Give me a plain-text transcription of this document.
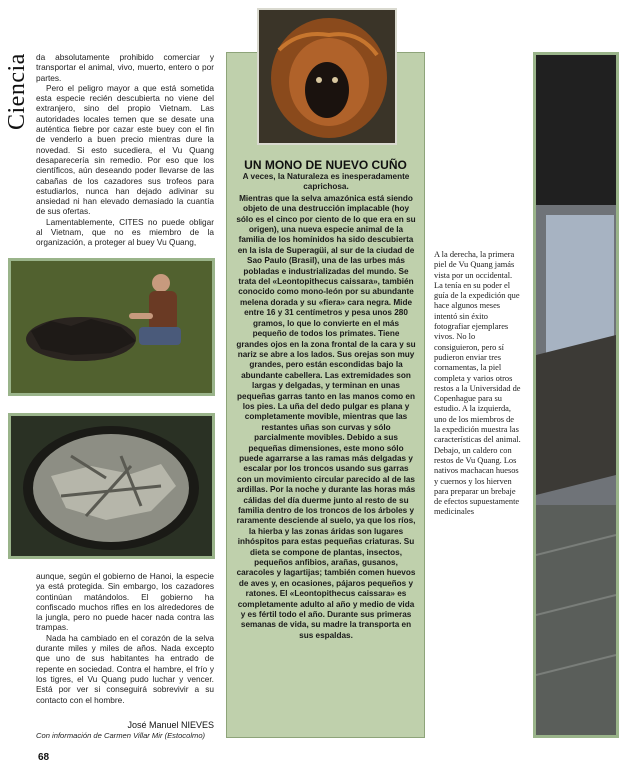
Ciencia da absolutamente prohibido comerciar y transportar el animal, vivo, muerto, entero o por partes.

Pero el peligro mayor a que está sometida esta especie recién descubierta no viene del extranjero, sino del propio Vietnam. Las autoridades locales temen que se desate una auténtica fiebre por cazar este buey con el fin de venderlo a buen precio mientras dure la novedad. Si esto sucediera, el Vu Quang desaparecería sin remedio. Por eso que los científicos, aún deseando poder llevarse de las cabañas de los cazadores sus trofeos para estudiarlos, nunca han dejado adivinar su ansiedad ni han elevado demasiado la cuantía de sus ofertas.

Lamentablemente, CITES no puede obligar al Vietnam, que no es miembro de la organización, a proteger al buey Vu Quang,

aunque, según el gobierno de Hanoi, la especie ya está protegida. Sin embargo, los cazadores continúan matándolos. El gobierno ha confiscado muchos rifles en los alrededores de la jungla, pero no puede hacer nada contra las trampas.

Nada ha cambiado en el corazón de la selva durante miles y miles de años. Nada excepto que uno de sus habitantes ha entrado de repente en sociedad. Contra el hambre, el frío y los tigres, el Vu Quang pudo luchar y vencer. Está por ver si conseguirá sobrevivir a su contacto con el hombre.

José Manuel NIEVES
Con información de Carmen Villar Mir (Estocolmo)
68
UN MONO DE NUEVO CUÑO

A veces, la Naturaleza es inesperadamente caprichosa.

Mientras que la selva amazónica está siendo objeto de una destrucción implacable (hoy sólo es el cinco por ciento de lo que era en su origen), una nueva especie animal de la familia de los homínidos ha sido descubierta en la isla de Superagüi, al sur de la ciudad de Sao Paulo (Brasil), una de las urbes más pobladas e industrializadas del mundo. Se trata del «Leontopithecus caissara», también conocido como mono-león por su abundante melena dorada y su «fiera» cara negra. Mide entre 16 y 31 centímetros y pesa unos 280 gramos, lo que lo convierte en el más pequeño de todos los primates. Tiene grandes ojos en la zona frontal de la cara y su nariz se abre a los lados. Sus orejas son muy grandes, pero están escondidas bajo la abundante cabellera. Las extremidades son largas y delgadas, y terminan en unas pequeñas garras tanto en las manos como en los pies. La uña del dedo pulgar es plana y completamente movible, mientras que las restantes uñas son curvas y sólo parcialmente movibles. Debido a sus pequeñas dimensiones, este mono sólo puede agarrarse a las ramas más delgadas y escalar por los troncos usando sus garras con un movimiento circular parecido al de las ardillas. Por la noche y durante las horas más cálidas del día duerme junto al resto de su familia dentro de los troncos de los árboles y raramente desciende al suelo, ya que los ríos, la hierba y las zonas áridas son lugares inhóspitos para estas pequeñas criaturas. Su dieta se compone de plantas, insectos, pequeños anfibios, arañas, gusanos, caracoles y lagartijas; también comen huevos de aves y, en ocasiones, pájaros pequeños y ratones. El «Leontopithecus caissara» es completamente adulto al año y medio de vida y es fértil todo el año. Durante sus primeras semanas de vida, su madre la transporta en sus espaldas.

A la derecha, la primera piel de Vu Quang jamás vista por un occidental. La tenía en su poder el guía de la expedición que hace algunos meses intentó sin éxito fotografiar ejemplares vivos. No lo consiguieron, pero sí pudieron enviar tres cornamentas, la piel completa y varios otros restos a la Universidad de Copenhague para su estudio. A la izquierda, uno de los miembros de la expedición muestra las características del animal. Debajo, un caldero con restos de Vu Quang. Los nativos machacan huesos y cuernos y los hierven para preparar un brebaje de efectos supuestamente medicinales
